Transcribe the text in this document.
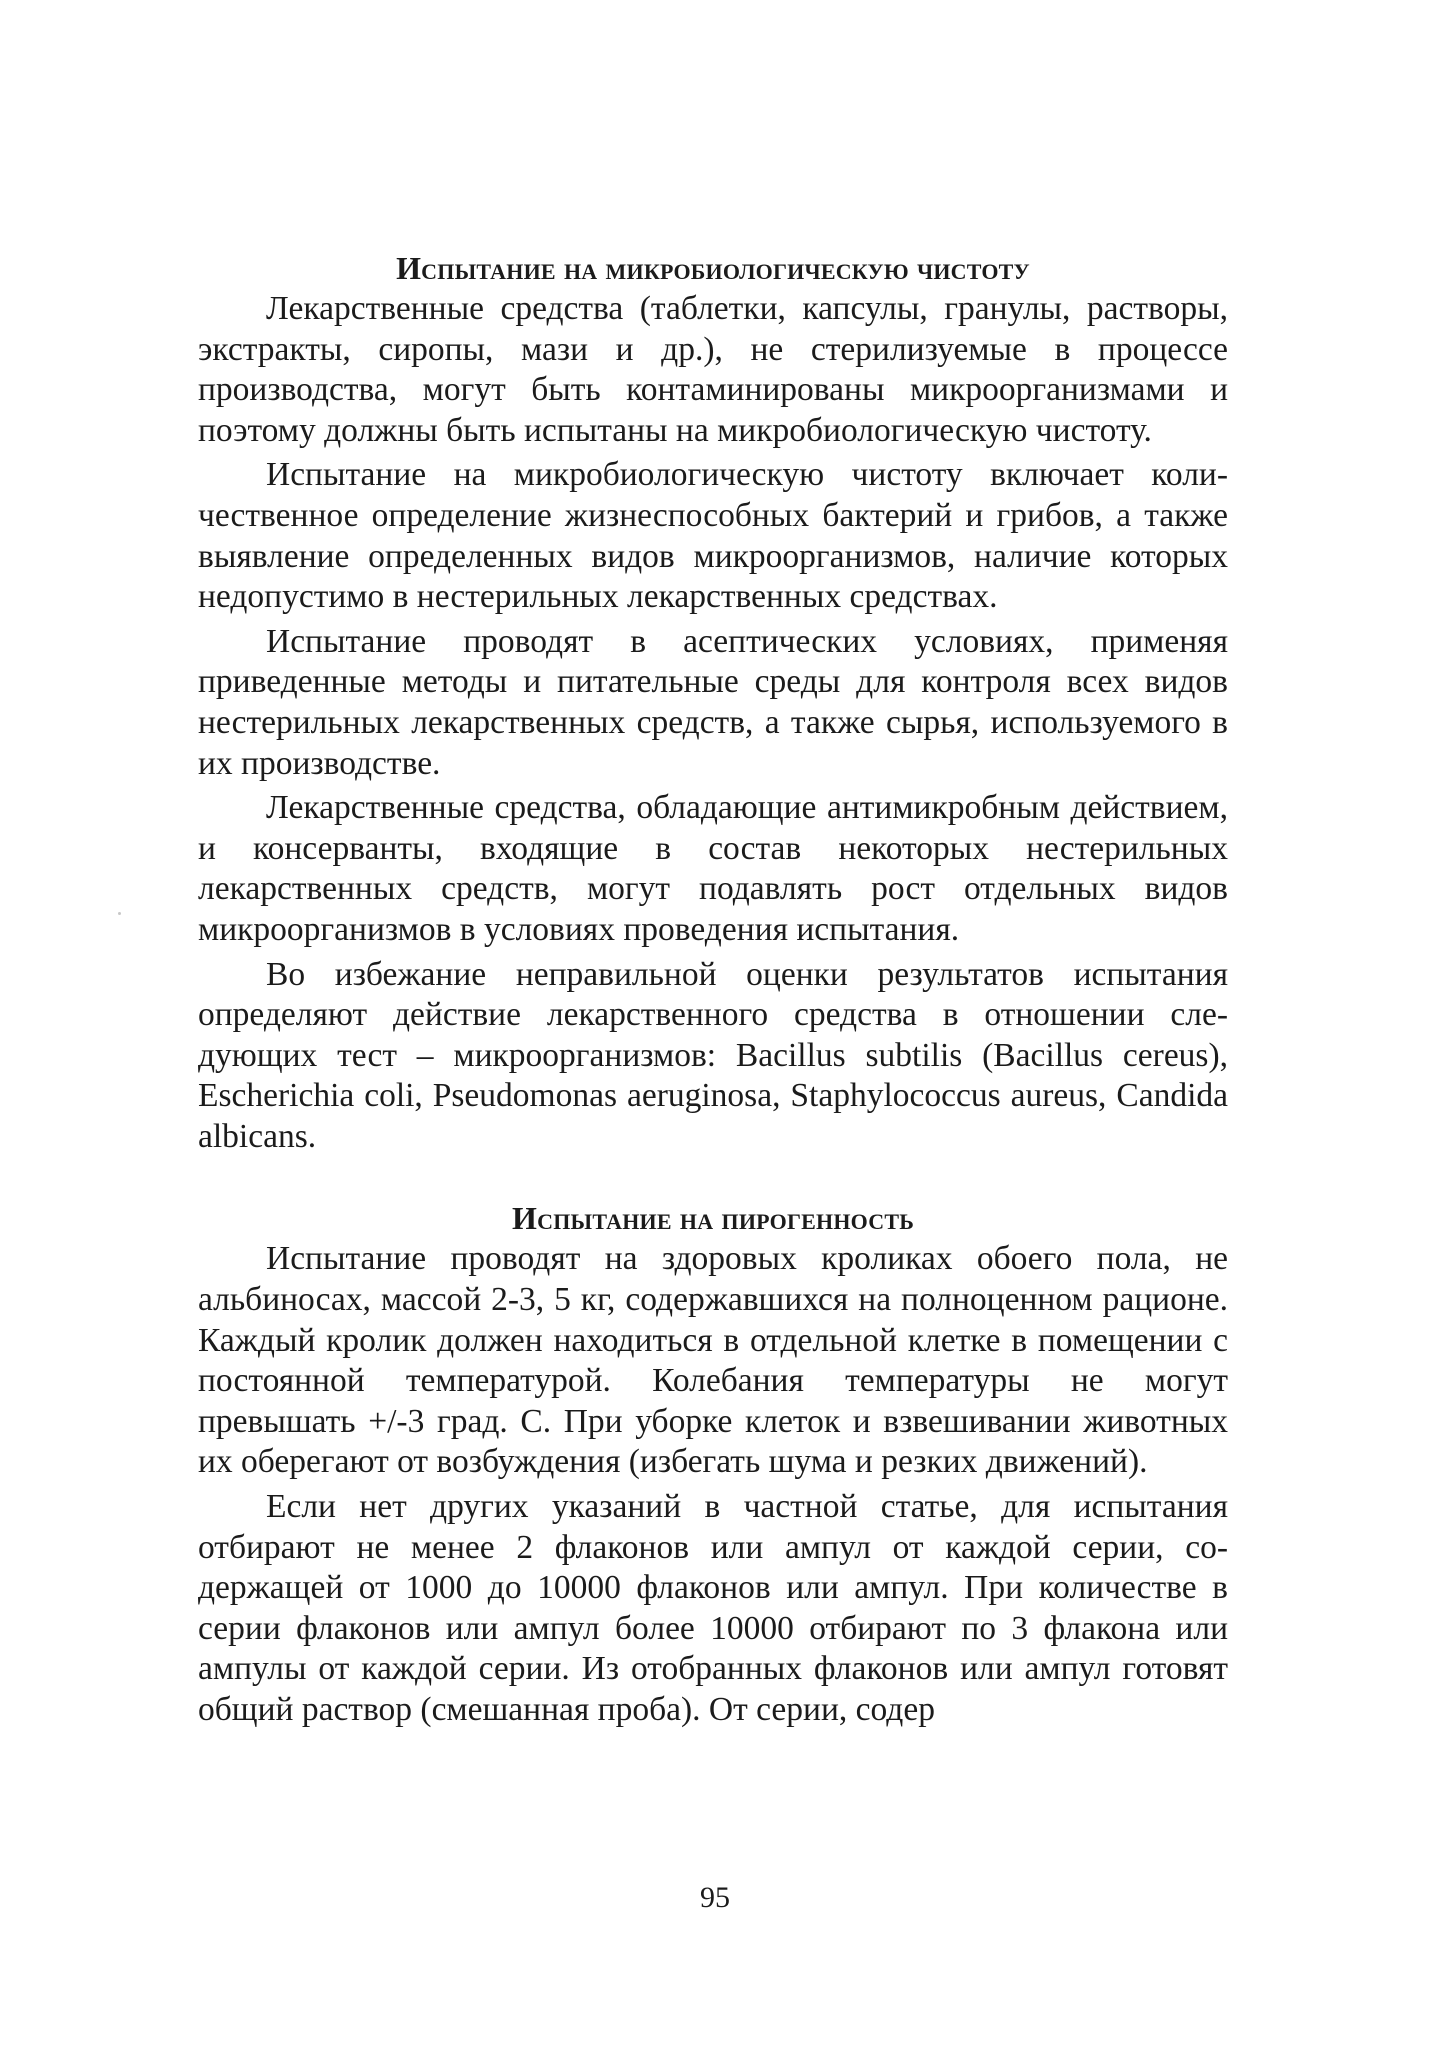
Испытание на микробиологическую чистоту

Лекарственные средства (таблетки, капсулы, гранулы, растворы, экстракты, сиропы, мази и др.), не стерилизуемые в процессе производства, могут быть контаминированы микроорганизмами и поэтому должны быть испытаны на микробиологическую чистоту.

Испытание на микробиологическую чистоту включает количественное определение жизнеспособных бактерий и грибов, а также выявление определенных видов микроорганизмов, наличие которых недопустимо в нестерильных лекарственных средствах.

Испытание проводят в асептических условиях, применяя приведенные методы и питательные среды для контроля всех видов нестерильных лекарственных средств, а также сырья, используемого в их производстве.

Лекарственные средства, обладающие антимикробным действием, и консерванты, входящие в состав некоторых нестерильных лекарственных средств, могут подавлять рост отдельных видов микроорганизмов в условиях проведения испытания.

Во избежание неправильной оценки результатов испытания определяют действие лекарственного средства в отношении следующих тест – микроорганизмов: Bacillus subtilis (Bacillus cereus), Escherichia coli, Pseudomonas aeruginosa, Staphylococcus aureus, Candida albicans.

Испытание на пирогенность

Испытание проводят на здоровых кроликах обоего пола, не альбиносах, массой 2-3, 5 кг, содержавшихся на полноценном рационе. Каждый кролик должен находиться в отдельной клетке в помещении с постоянной температурой. Колебания температуры не могут превышать +/-3 град. С. При уборке клеток и взвешивании животных их оберегают от возбуждения (избегать шума и резких движений).

Если нет других указаний в частной статье, для испытания отбирают не менее 2 флаконов или ампул от каждой серии, содержащей от 1000 до 10000 флаконов или ампул. При количестве в серии флаконов или ампул более 10000 отбирают по 3 флакона или ампулы от каждой серии. Из отобранных флаконов или ампул готовят общий раствор (смешанная проба). От серии, содер

95
